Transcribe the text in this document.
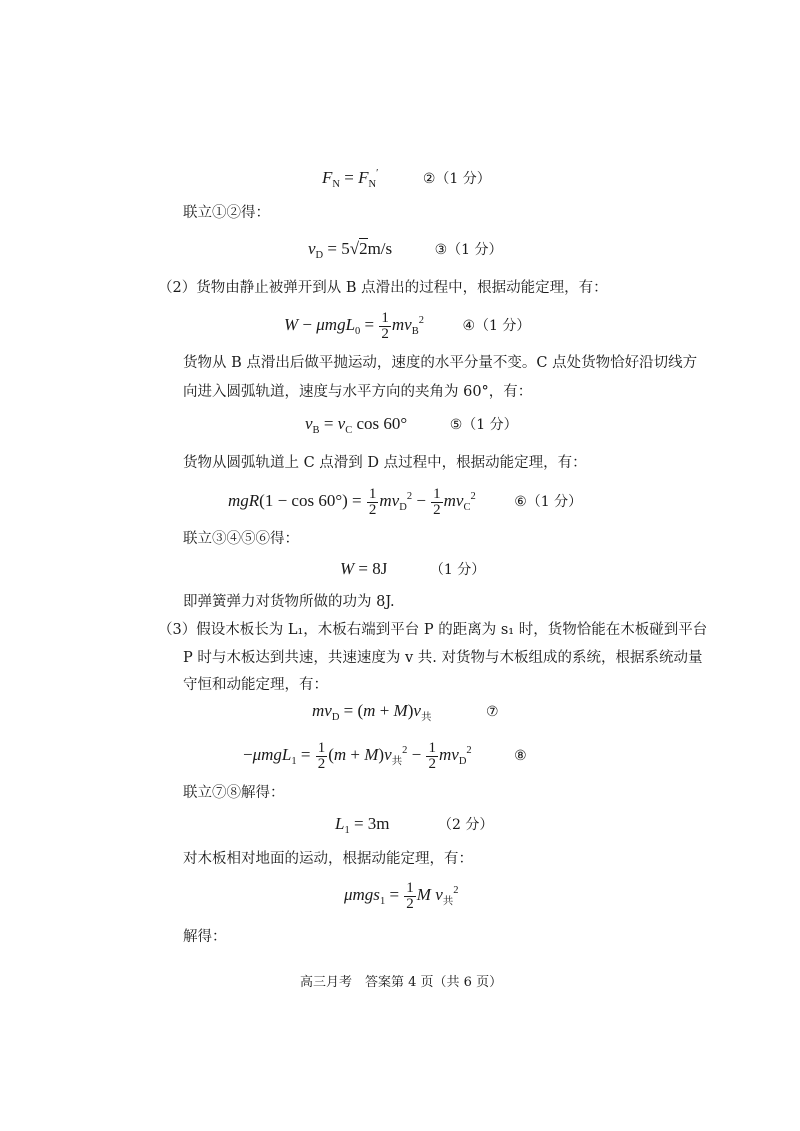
$F_N = F_N'$	②（1 分）
联立①②得：
$v_D = 5√2m/s$	③（1 分）
（2）货物由静止被弹开到从 B 点滑出的过程中，根据动能定理，有：
$W - \mu mgL_0 = \frac{1}{2} mv_B^2$	④（1 分）
货物从 B 点滑出后做平抛运动，速度的水平分量不变。C 点处货物恰好沿切线方
向进入圆弧轨道，速度与水平方向的夹角为 60°，有：
$v_B = v_C$ cos 60°	⑤（1 分）
货物从圆弧轨道上 C 点滑到 D 点过程中，根据动能定理，有：
$mgR(1 - \cos 60^\circ) = \frac{1}{2} mv_D^2 - \frac{1}{2} mv_C^2$	⑥（1 分）
联立③④⑤⑥得：
W = 8J	（1 分）
即弹簧弹力对货物所做的功为 8J.
（3）假设木板长为 L₁，木板右端到平台 P 的距离为 s₁ 时，货物恰能在木板碰到平台
P 时与木板达到共速，共速速度为 v 共. 对货物与木板组成的系统，根据系统动量
守恒和动能定理，有：
$mv_D = (m + M)v_共$	⑦
$-\mu mgL_1 = \frac{1}{2} (m + M)v_共^2 - \frac{1}{2} mv_D^2$	⑧
联立⑦⑧解得：
$L_1 = 3m$	（2 分）
对木板相对地面的运动，根据动能定理，有：
$\mu mgs_1 = \frac{1}{2}$ M $v_共^2$
解得：
高三月考　答案第 4 页（共 6 页）
